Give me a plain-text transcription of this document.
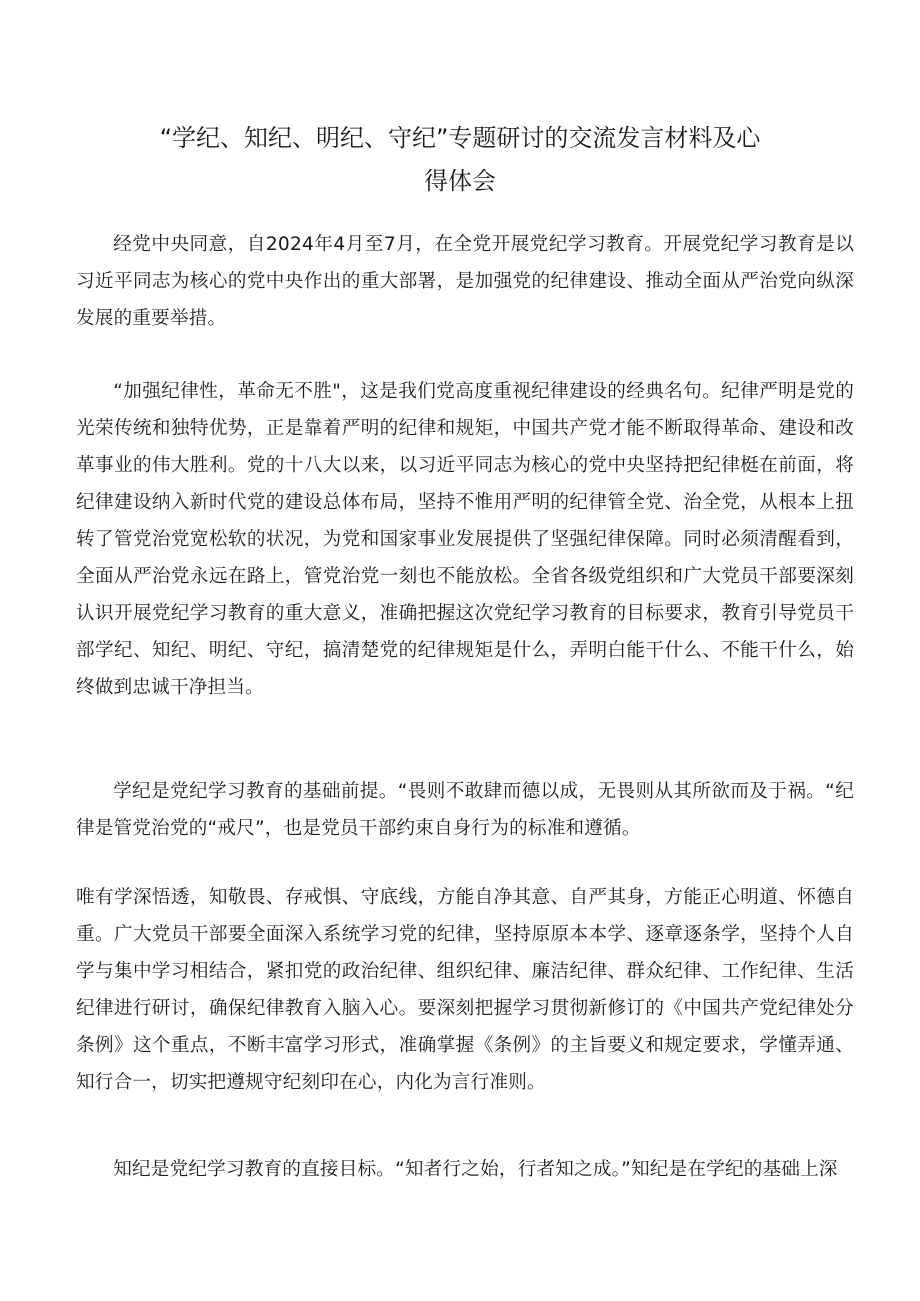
“学纪、知纪、明纪、守纪”专题研讨的交流发言材料及心
得体会

经党中央同意，自2024年4月至7月，在全党开展党纪学习教育。开展党纪学习教育是以习近平同志为核心的党中央作出的重大部署，是加强党的纪律建设、推动全面从严治党向纵深发展的重要举措。

“加强纪律性，革命无不胜"，这是我们党高度重视纪律建设的经典名句。纪律严明是党的光荣传统和独特优势，正是靠着严明的纪律和规矩，中国共产党才能不断取得革命、建设和改革事业的伟大胜利。党的十八大以来，以习近平同志为核心的党中央坚持把纪律梃在前面，将纪律建设纳入新时代党的建设总体布局，坚持不惟用严明的纪律管全党、治全党，从根本上扭转了管党治党宽松软的状况，为党和国家事业发展提供了坚强纪律保障。同时必须清醒看到，全面从严治党永远在路上，管党治党一刻也不能放松。全省各级党组织和广大党员干部要深刻认识开展党纪学习教育的重大意义，准确把握这次党纪学习教育的目标要求，教育引导党员干部学纪、知纪、明纪、守纪，搞清楚党的纪律规矩是什么，弄明白能干什么、不能干什么，始终做到忠诚干净担当。

学纪是党纪学习教育的基础前提。“畏则不敢肆而德以成，无畏则从其所欲而及于祸。“纪律是管党治党的“戒尺”，也是党员干部约束自身行为的标准和遵循。

唯有学深悟透，知敬畏、存戒惧、守底线，方能自净其意、自严其身，方能正心明道、怀德自重。广大党员干部要全面深入系统学习党的纪律，坚持原原本本学、逐章逐条学，坚持个人自学与集中学习相结合，紧扣党的政治纪律、组织纪律、廉洁纪律、群众纪律、工作纪律、生活纪律进行研讨，确保纪律教育入脑入心。要深刻把握学习贯彻新修订的《中国共产党纪律处分条例》这个重点，不断丰富学习形式，准确掌握《条例》的主旨要义和规定要求，学懂弄通、知行合一，切实把遵规守纪刻印在心，内化为言行准则。

知纪是党纪学习教育的直接目标。“知者行之始，行者知之成。”知纪是在学纪的基础上深
